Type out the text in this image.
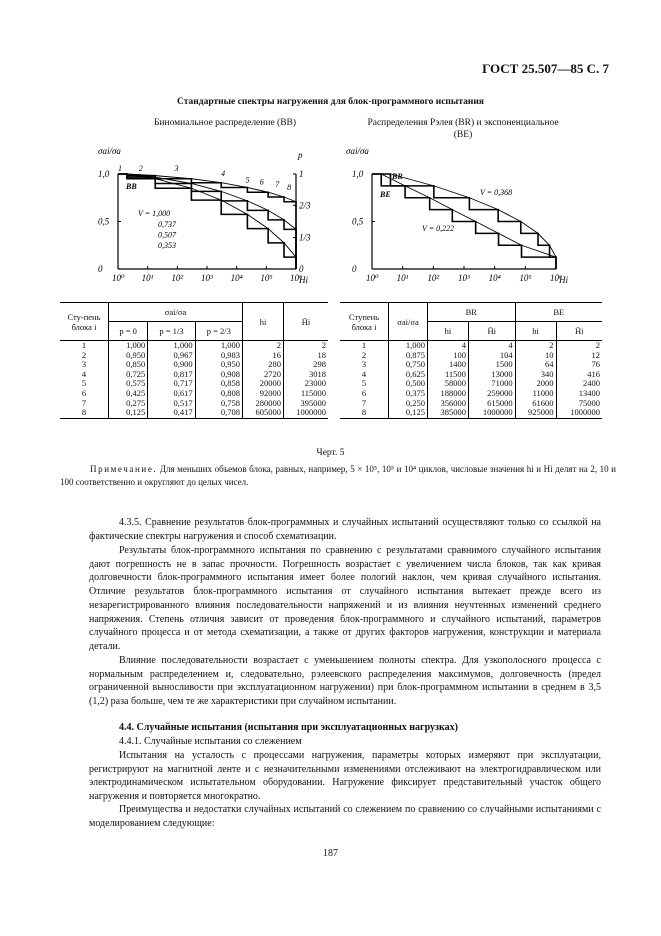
ГОСТ 25.507—85 С. 7
Стандартные спектры нагружения для блок-программного испытания
Биномиальное распределение (BB)	Распределения Рэлея (BR) и экспоненциальное
(BE)
σai/σa	p
10⁰ 10¹ 10² 10³ 10⁴ 10⁵ 10⁶
Hi
0
0,5
1,0	1
2/3
1/3
0
1 2	3
4
5 6 7 8
BB
V = 1,000
0,737
0,507
0,353
σai/σa
10⁰ 10¹ 10² 10³ 10⁴ 10⁵ 10⁶
Hi
0
0,5
1,0	BR
BE	V = 0,368
V = 0,222
Сту-пень блока i	σai/σa			hi	H̄i
	p = 0	p = 1/3	p = 2/3		
1	1,000	1,000	1,000	2	2
2	0,950	0,967	0,983	16	18
3	0,850	0,900	0,950	280	298
4	0,725	0,817	0,908	2720	3018
5	0,575	0,717	0,858	20000	23000
6	0,425	0,617	0,808	92000	115000
7	0,275	0,517	0,758	280000	395000
8	0,125	0,417	0,708	605000	1000000
Ступень блока i	σai/σa	BR		BE	
		hi	H̄i	hi	H̄i
1	1,000	4	4	2	2
2	0,875	100	104	10	12
3	0,750	1400	1500	64	76
4	0,625	11500	13000	340	416
5	0,500	58000	71000	2000	2400
6	0,375	188000	259000	11000	13400
7	0,250	356000	615000	61600	75000
8	0,125	385000	1000000	925000	1000000
Черт. 5
Примечание. Для меньших объемов блока, равных, например, 5 × 10⁵, 10⁵ и 10⁴ циклов, числовые значения hi и Hi делят на 2, 10 и 100 соответственно и округляют до целых чисел.
4.3.5. Сравнение результатов блок-программных и случайных испытаний осуществляют только со ссылкой на фактические спектры нагружения и способ схематизации.
Результаты блок-программного испытания по сравнению с результатами сравнимого случайного испытания дают погрешность не в запас прочности. Погрешность возрастает с увеличением числа блоков, так как кривая долговечности блок-программного испытания имеет более пологий наклон, чем кривая случайного испытания. Отличие результатов блок-программного испытания от случайного испытания вытекает прежде всего из незарегистрированного влияния последовательности напряжений и из влияния неучтенных изменений среднего напряжения. Степень отличия зависит от проведения блок-программного и случайного испытаний, параметров случайного процесса и от метода схематизации, а также от других факторов нагружения, конструкции и материала детали.
Влияние последовательности возрастает с уменьшением полноты спектра. Для узкополосного процесса с нормальным распределением и, следовательно, рэлеевского распределения максимумов, долговечность (предел ограниченной выносливости при эксплуатационном нагружении) при блок-программном испытании в среднем в 3,5 (1,2) раза больше, чем те же характеристики при случайном испытании.
4.4. Случайные испытания (испытания при эксплуатационных нагрузках)
4.4.1. Случайные испытания со слежением
Испытания на усталость с процессами нагружения, параметры которых измеряют при эксплуатации, регистрируют на магнитной ленте и с незначительными изменениями отслеживают на электрогидравлическом или электродинамическом испытательном оборудовании. Нагружение фиксирует представительный участок общего нагружения и повторяется многократно.
Преимущества и недостатки случайных испытаний со слежением по сравнению со случайными испытаниями с моделированием следующие:
187
